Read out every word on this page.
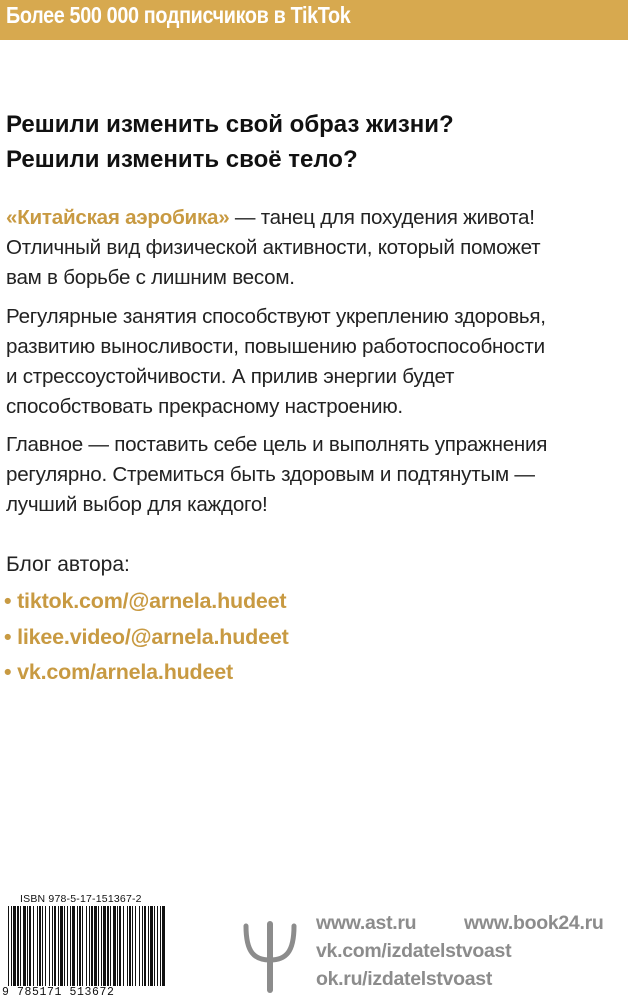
Более 500 000 подписчиков в TikTok

Решили изменить свой образ жизни?

Решили изменить своё тело?

«Китайская аэробика» — танец для похудения живота!
Отличный вид физической активности, который поможет
вам в борьбе с лишним весом.

Регулярные занятия способствуют укреплению здоровья,
развитию выносливости, повышению работоспособности
и стрессоустойчивости. А прилив энергии будет
способствовать прекрасному настроению.

Главное — поставить себе цель и выполнять упражнения
регулярно. Стремиться быть здоровым и подтянутым —
лучший выбор для каждого!

Блог автора:

• tiktok.com/@arnela.hudeet
• likee.video/@arnela.hudeet
• vk.com/arnela.hudeet
ISBN 978-5-17-151367-2
9 785171 513672
www.ast.ru www.book24.ru
vk.com/izdatelstvoast
ok.ru/izdatelstvoast
